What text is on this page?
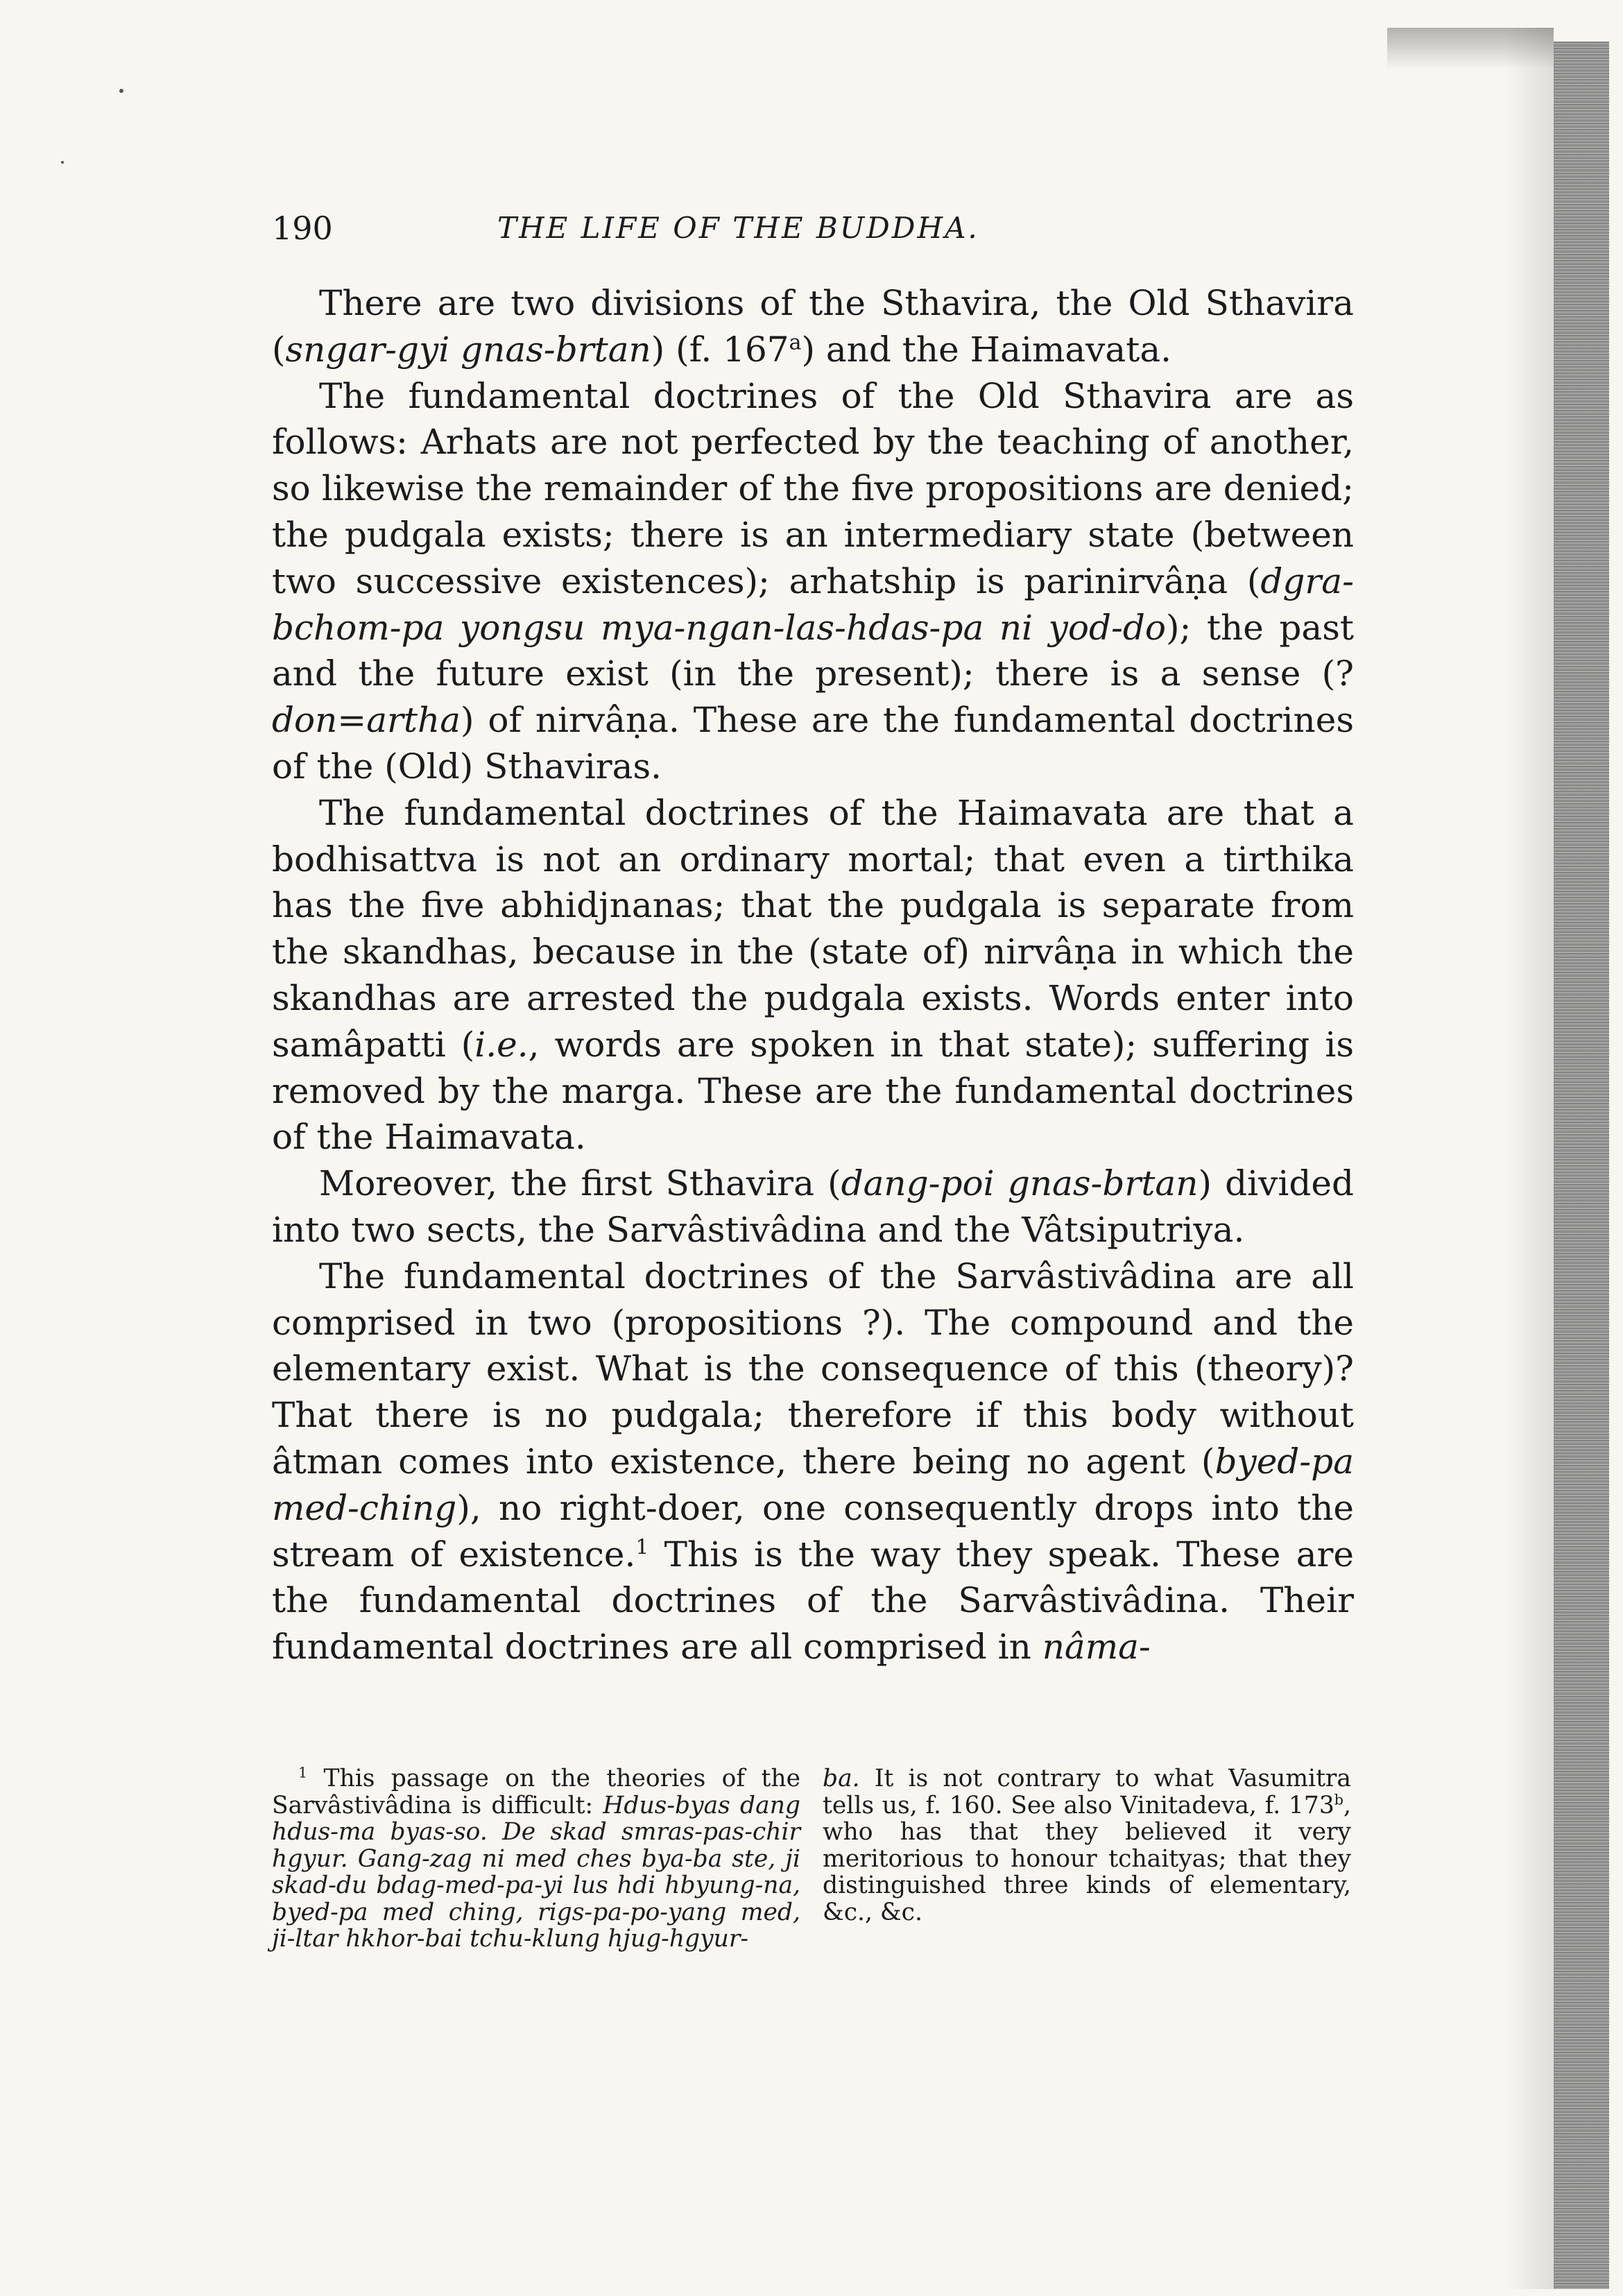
190	THE LIFE OF THE BUDDHA.

There are two divisions of the Sthavira, the Old Sthavira (sngar-gyi gnas-brtan) (f. 167$^a$) and the Haimavata.

The fundamental doctrines of the Old Sthavira are as follows: Arhats are not perfected by the teaching of another, so likewise the remainder of the five propositions are denied; the pudgala exists; there is an intermediary state (between two successive existences); arhatship is parinirvâṇa (dgra-bchom-pa yongsu mya-ngan-las-hdas-pa ni yod-do); the past and the future exist (in the present); there is a sense (? don=artha) of nirvâṇa. These are the fundamental doctrines of the (Old) Sthaviras.

The fundamental doctrines of the Haimavata are that a bodhisattva is not an ordinary mortal; that even a tirthika has the five abhidjnanas; that the pudgala is separate from the skandhas, because in the (state of) nirvâṇa in which the skandhas are arrested the pudgala exists. Words enter into samâpatti (i.e., words are spoken in that state); suffering is removed by the marga. These are the fundamental doctrines of the Haimavata.

Moreover, the first Sthavira (dang-poi gnas-brtan) divided into two sects, the Sarvâstivâdina and the Vâtsiputriya.

The fundamental doctrines of the Sarvâstivâdina are all comprised in two (propositions ?). The compound and the elementary exist. What is the consequence of this (theory)? That there is no pudgala; therefore if this body without âtman comes into existence, there being no agent (byed-pa med-ching), no right-doer, one consequently drops into the stream of existence.$^1$ This is the way they speak. These are the fundamental doctrines of the Sarvâstivâdina. Their fundamental doctrines are all comprised in nâma-

$^1$ This passage on the theories of the Sarvâstivâdina is difficult: Hdus-byas dang hdus-ma byas-so. De skad smras-pas-chir hgyur. Gang-zag ni med ches bya-ba ste, ji skad-du bdag-med-pa-yi lus hdi hbyung-na, byed-pa med ching, rigs-pa-po-yang med, ji-ltar hkhor-bai tchu-klung hjug-hgyur-

ba. It is not contrary to what Vasumitra tells us, f. 160. See also Vinitadeva, f. 173$^b$, who has that they believed it very meritorious to honour tchaityas; that they distinguished three kinds of elementary, &c., &c.
